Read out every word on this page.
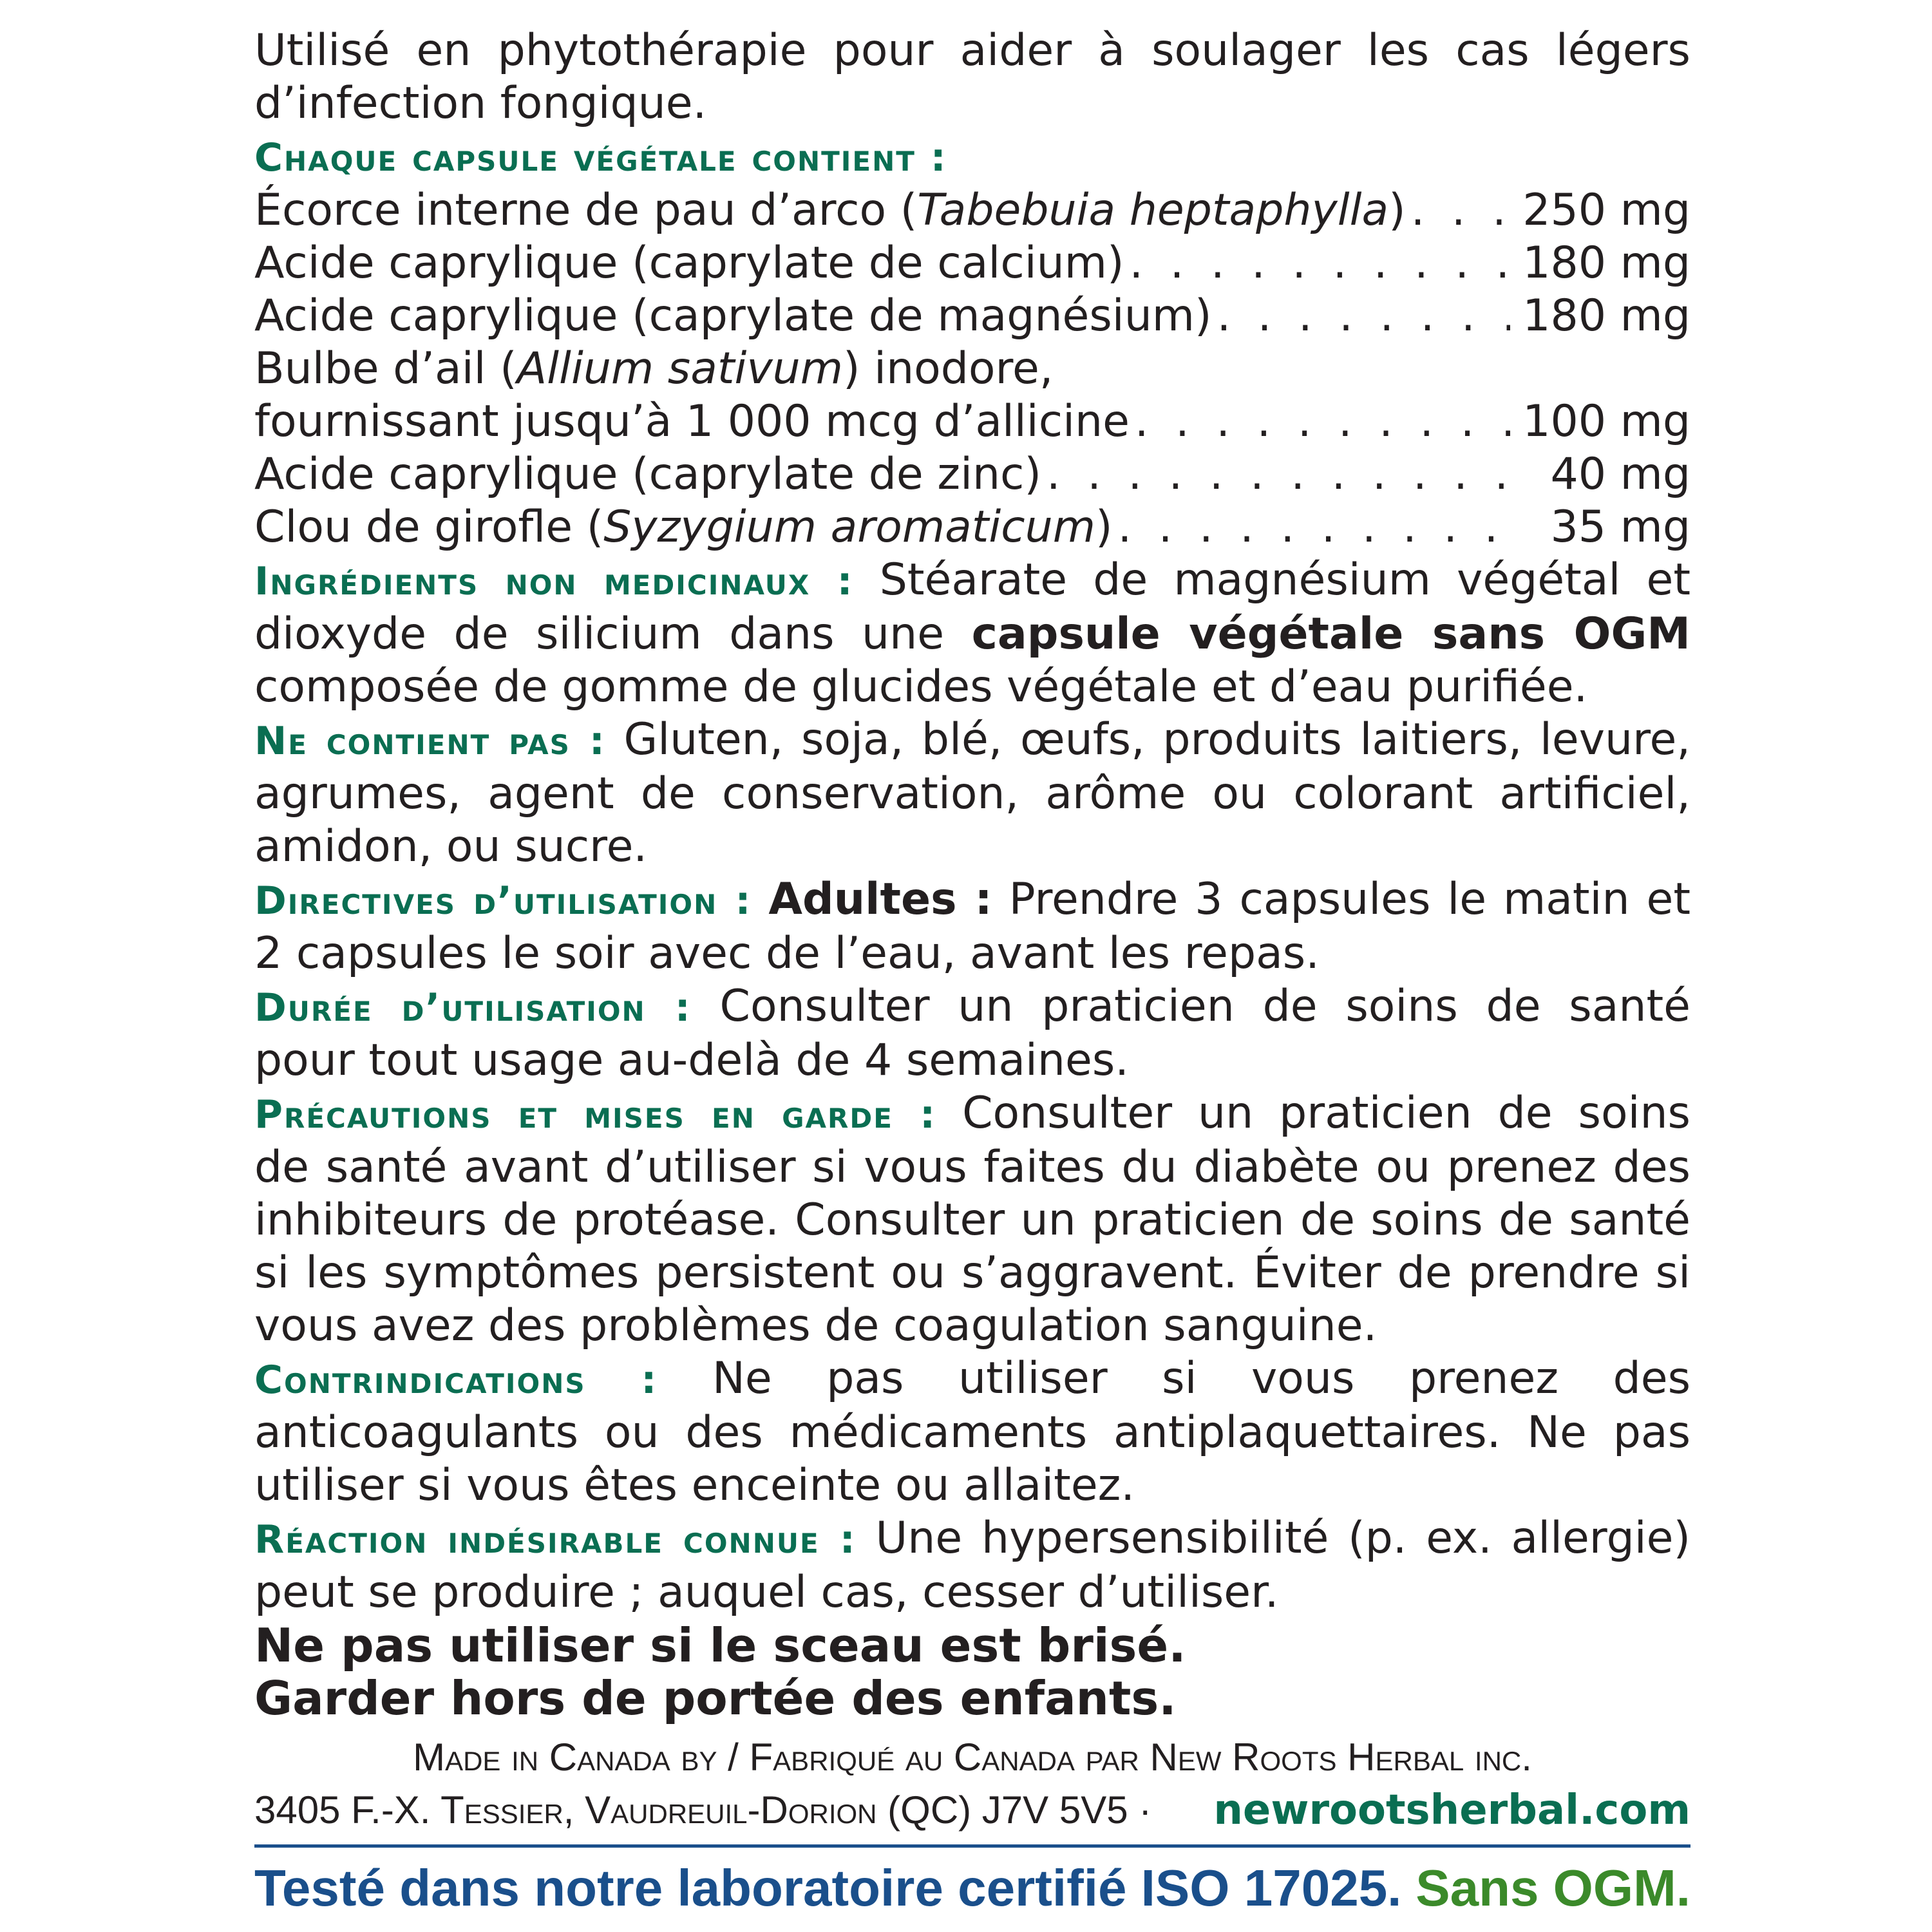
Utilisé en phytothérapie pour aider à soulager les cas légers
d’infection fongique.
Chaque capsule végétale contient :
Écorce interne de pau d’arco (Tabebuia heptaphylla) . . .	250 mg
Acide caprylique (caprylate de calcium) . . .	180 mg
Acide caprylique (caprylate de magnésium) . . .	180 mg
Bulbe d’ail (Allium sativum) inodore,
fournissant jusqu’à 1 000 mcg d’allicine . . .	100 mg
Acide caprylique (caprylate de zinc) . . .	40 mg
Clou de girofle (Syzygium aromaticum) . . .	35 mg
Ingrédients non medicinaux : Stéarate de magnésium végétal et
dioxyde de silicium dans une capsule végétale sans OGM
composée de gomme de glucides végétale et d’eau purifiée.
Ne contient pas : Gluten, soja, blé, œufs, produits laitiers, levure,
agrumes, agent de conservation, arôme ou colorant artificiel,
amidon, ou sucre.
Directives d’utilisation : Adultes : Prendre 3 capsules le matin et
2 capsules le soir avec de l’eau, avant les repas.
Durée d’utilisation : Consulter un praticien de soins de santé
pour tout usage au-delà de 4 semaines.
Précautions et mises en garde : Consulter un praticien de soins
de santé avant d’utiliser si vous faites du diabète ou prenez des
inhibiteurs de protéase. Consulter un praticien de soins de santé
si les symptômes persistent ou s’aggravent. Éviter de prendre si
vous avez des problèmes de coagulation sanguine.
Contrindications : Ne pas utiliser si vous prenez des
anticoagulants ou des médicaments antiplaquettaires. Ne pas
utiliser si vous êtes enceinte ou allaitez.
Réaction indésirable connue : Une hypersensibilité (p. ex. allergie)
peut se produire ; auquel cas, cesser d’utiliser.
Ne pas utiliser si le sceau est brisé.
Garder hors de portée des enfants.
Made in Canada by / Fabriqué au Canada par New Roots Herbal inc.
3405 F.-X. Tessier, Vaudreuil-Dorion (QC) J7V 5V5 · newrootsherbal.com
Testé dans notre laboratoire certifié ISO 17025. Sans OGM.
